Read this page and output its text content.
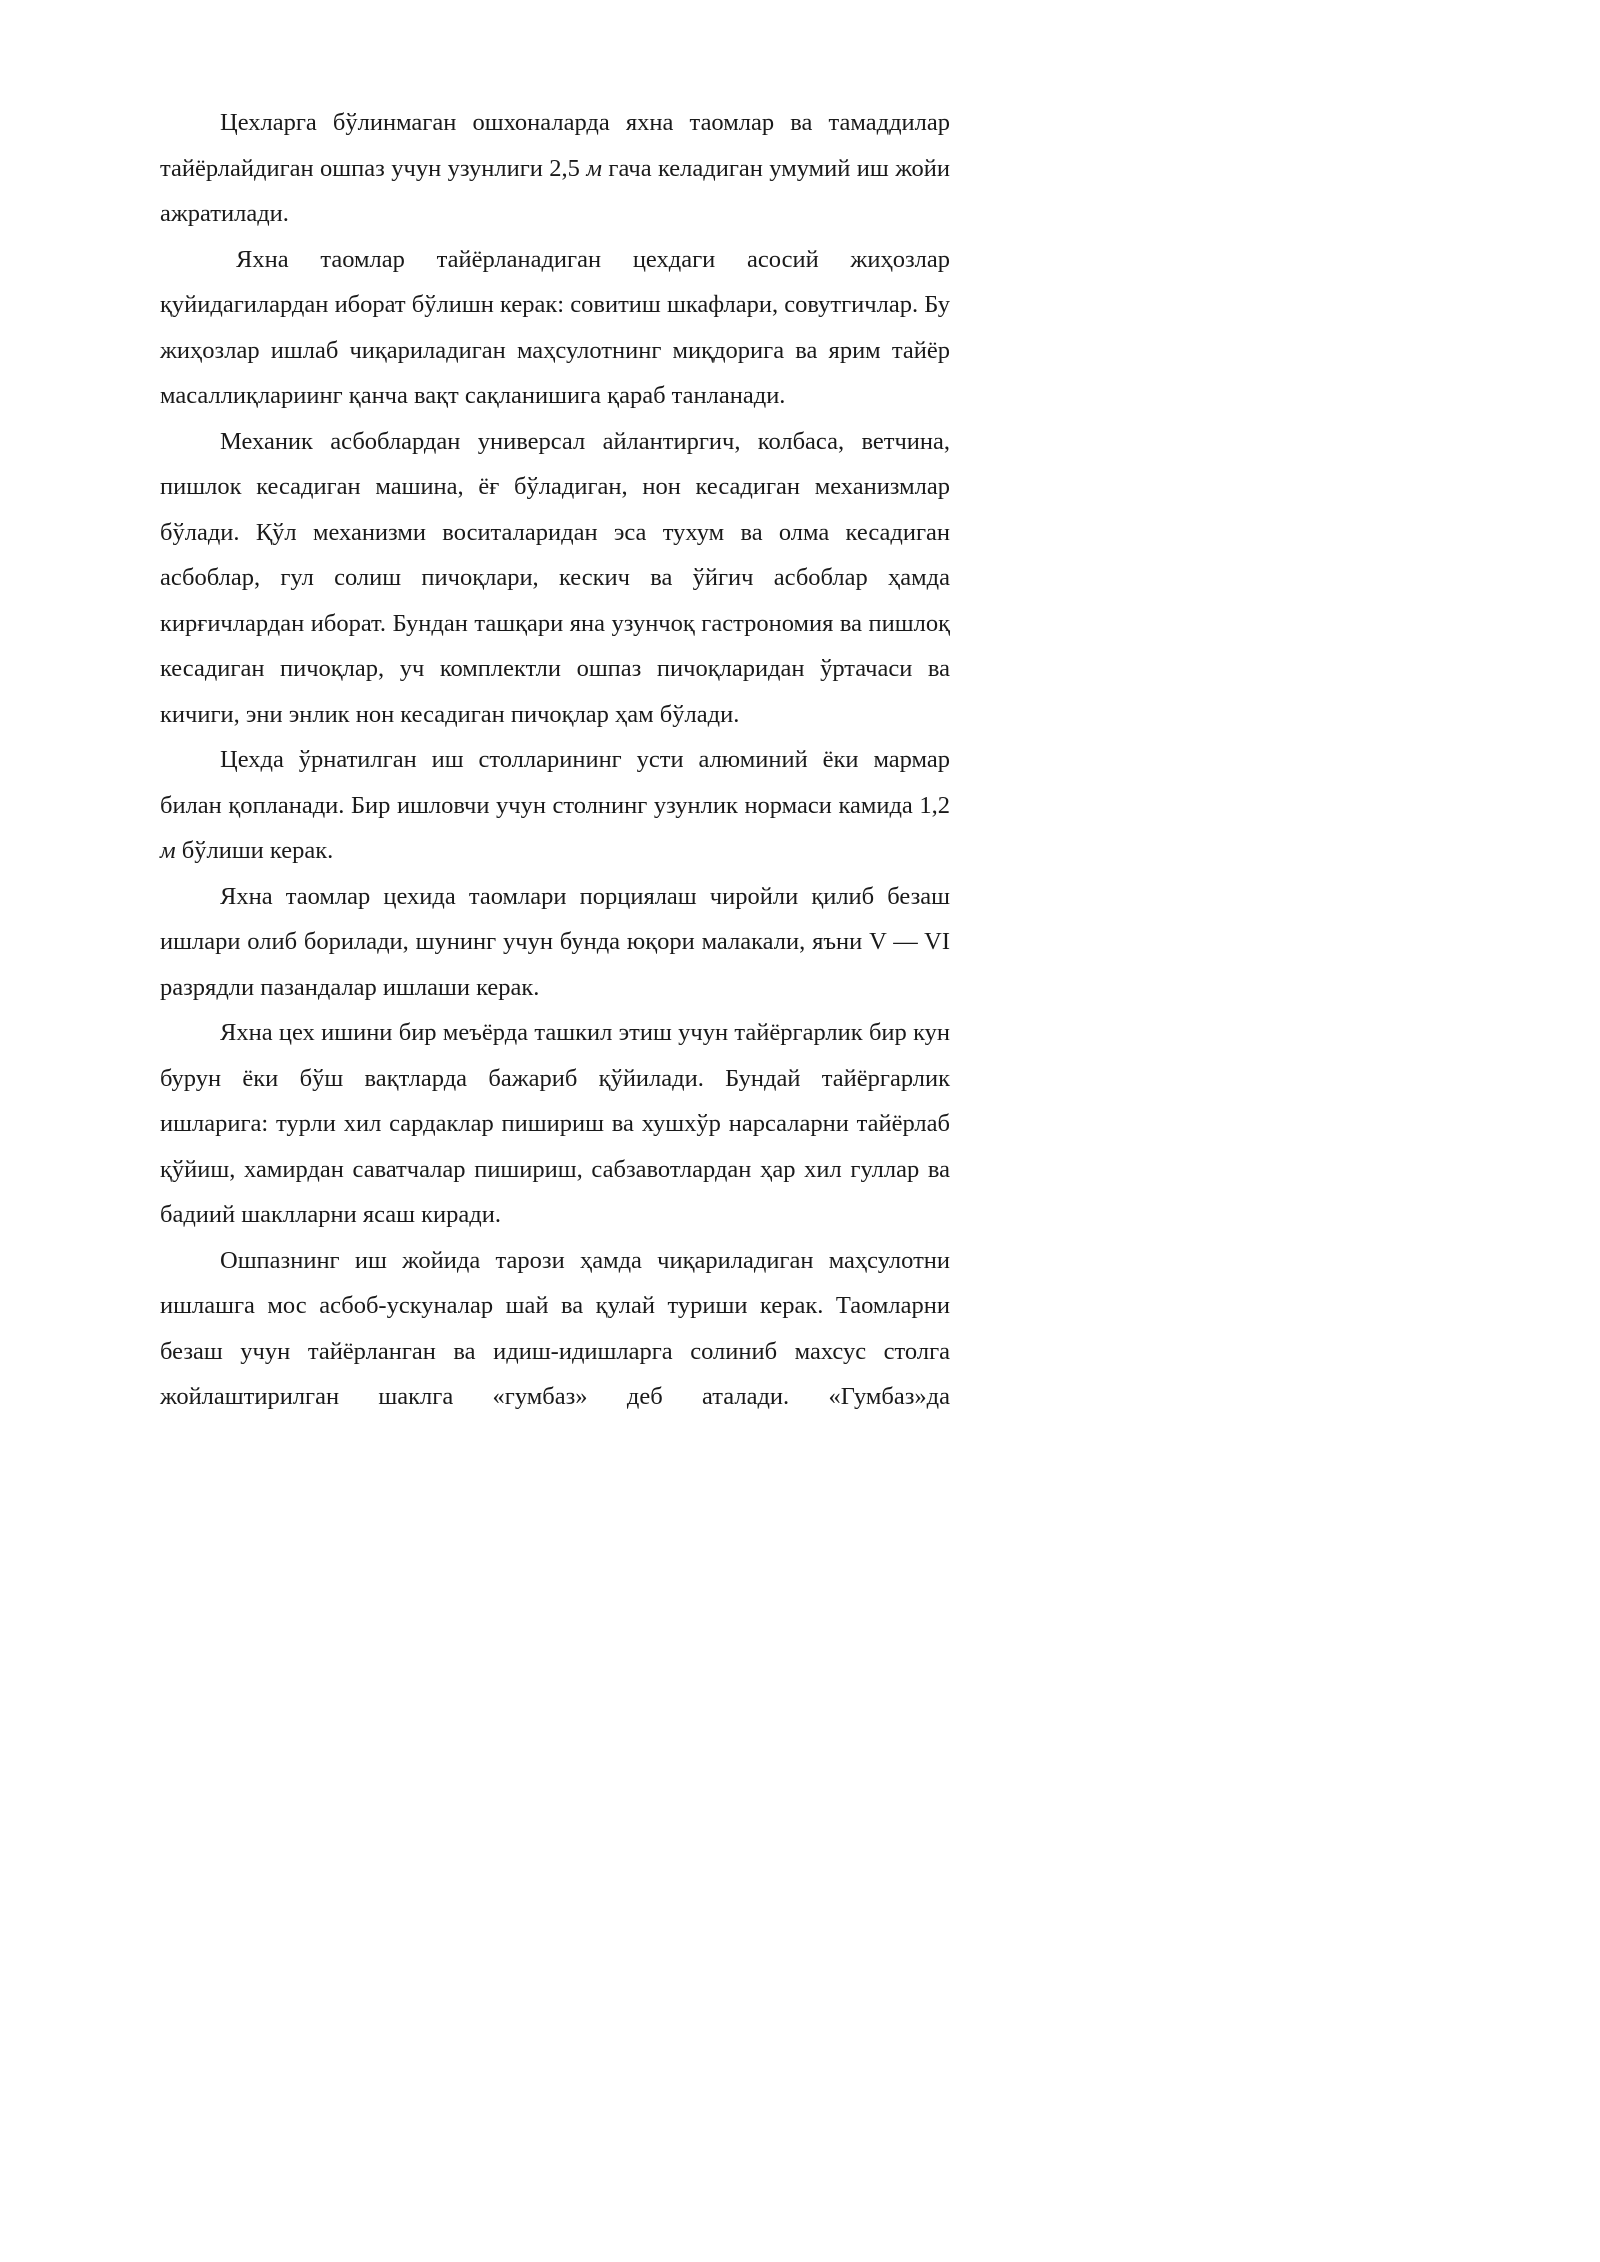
Цехларга бўлинмаган ошхоналарда яхна таомлар ва тамаддилар тайёрлайдиган ошпаз учун узунлиги 2,5 м гача келадиган умумий иш жойи ажратилади.

Яхна таомлар тайёрланадиган цехдаги асосий жиҳозлар қуйидагилардан иборат бўлишн керак: совитиш шкафлари, совутгичлар. Бу жиҳозлар ишлаб чиқариладиган маҳсулотнинг миқдорига ва ярим тайёр масаллиқлариинг қанча вақт сақланишига қараб танланади.

Механик асбоблардан универсал айлантиргич, колбаса, ветчина, пишлок кесадиган машина, ёғ бўладиган, нон кесадиган механизмлар бўлади. Қўл механизми воситаларидан эса тухум ва олма кесадиган асбоблар, гул солиш пичоқлари, кескич ва ўйгич асбоблар ҳамда кирғичлардан иборат. Бундан ташқари яна узунчоқ гастрономия ва пишлоқ кесадиган пичоқлар, уч комплектли ошпаз пичоқларидан ўртачаси ва кичиги, эни энлик нон кесадиган пичоқлар ҳам бўлади.

Цехда ўрнатилган иш столларининг усти алюминий ёки мармар билан қопланади. Бир ишловчи учун столнинг узунлик нормаси камида 1,2 м бўлиши керак.

Яхна таомлар цехида таомлари порциялаш чиройли қилиб безаш ишлари олиб борилади, шунинг учун бунда юқори малакали, яъни V — VI разрядли пазандалар ишлаши керак.

Яхна цех ишини бир меъёрда ташкил этиш учун тайёргарлик бир кун бурун ёки бўш вақтларда бажариб қўйилади. Бундай тайёргарлик ишларига: турли хил сардаклар пишириш ва хушхўр нарсаларни тайёрлаб қўйиш, хамирдан саватчалар пишириш, сабзавотлардан ҳар хил гуллар ва бадиий шаклларни ясаш киради.

Ошпазнинг иш жойида тарози ҳамда чиқариладиган маҳсулотни ишлашга мос асбоб-ускуналар шай ва қулай туриши керак. Таомларни безаш учун тайёрланган ва идиш-идишларга солиниб махсус столга жойлаштирилган шаклга «гумбаз» деб аталади. «Гумбаз»да
